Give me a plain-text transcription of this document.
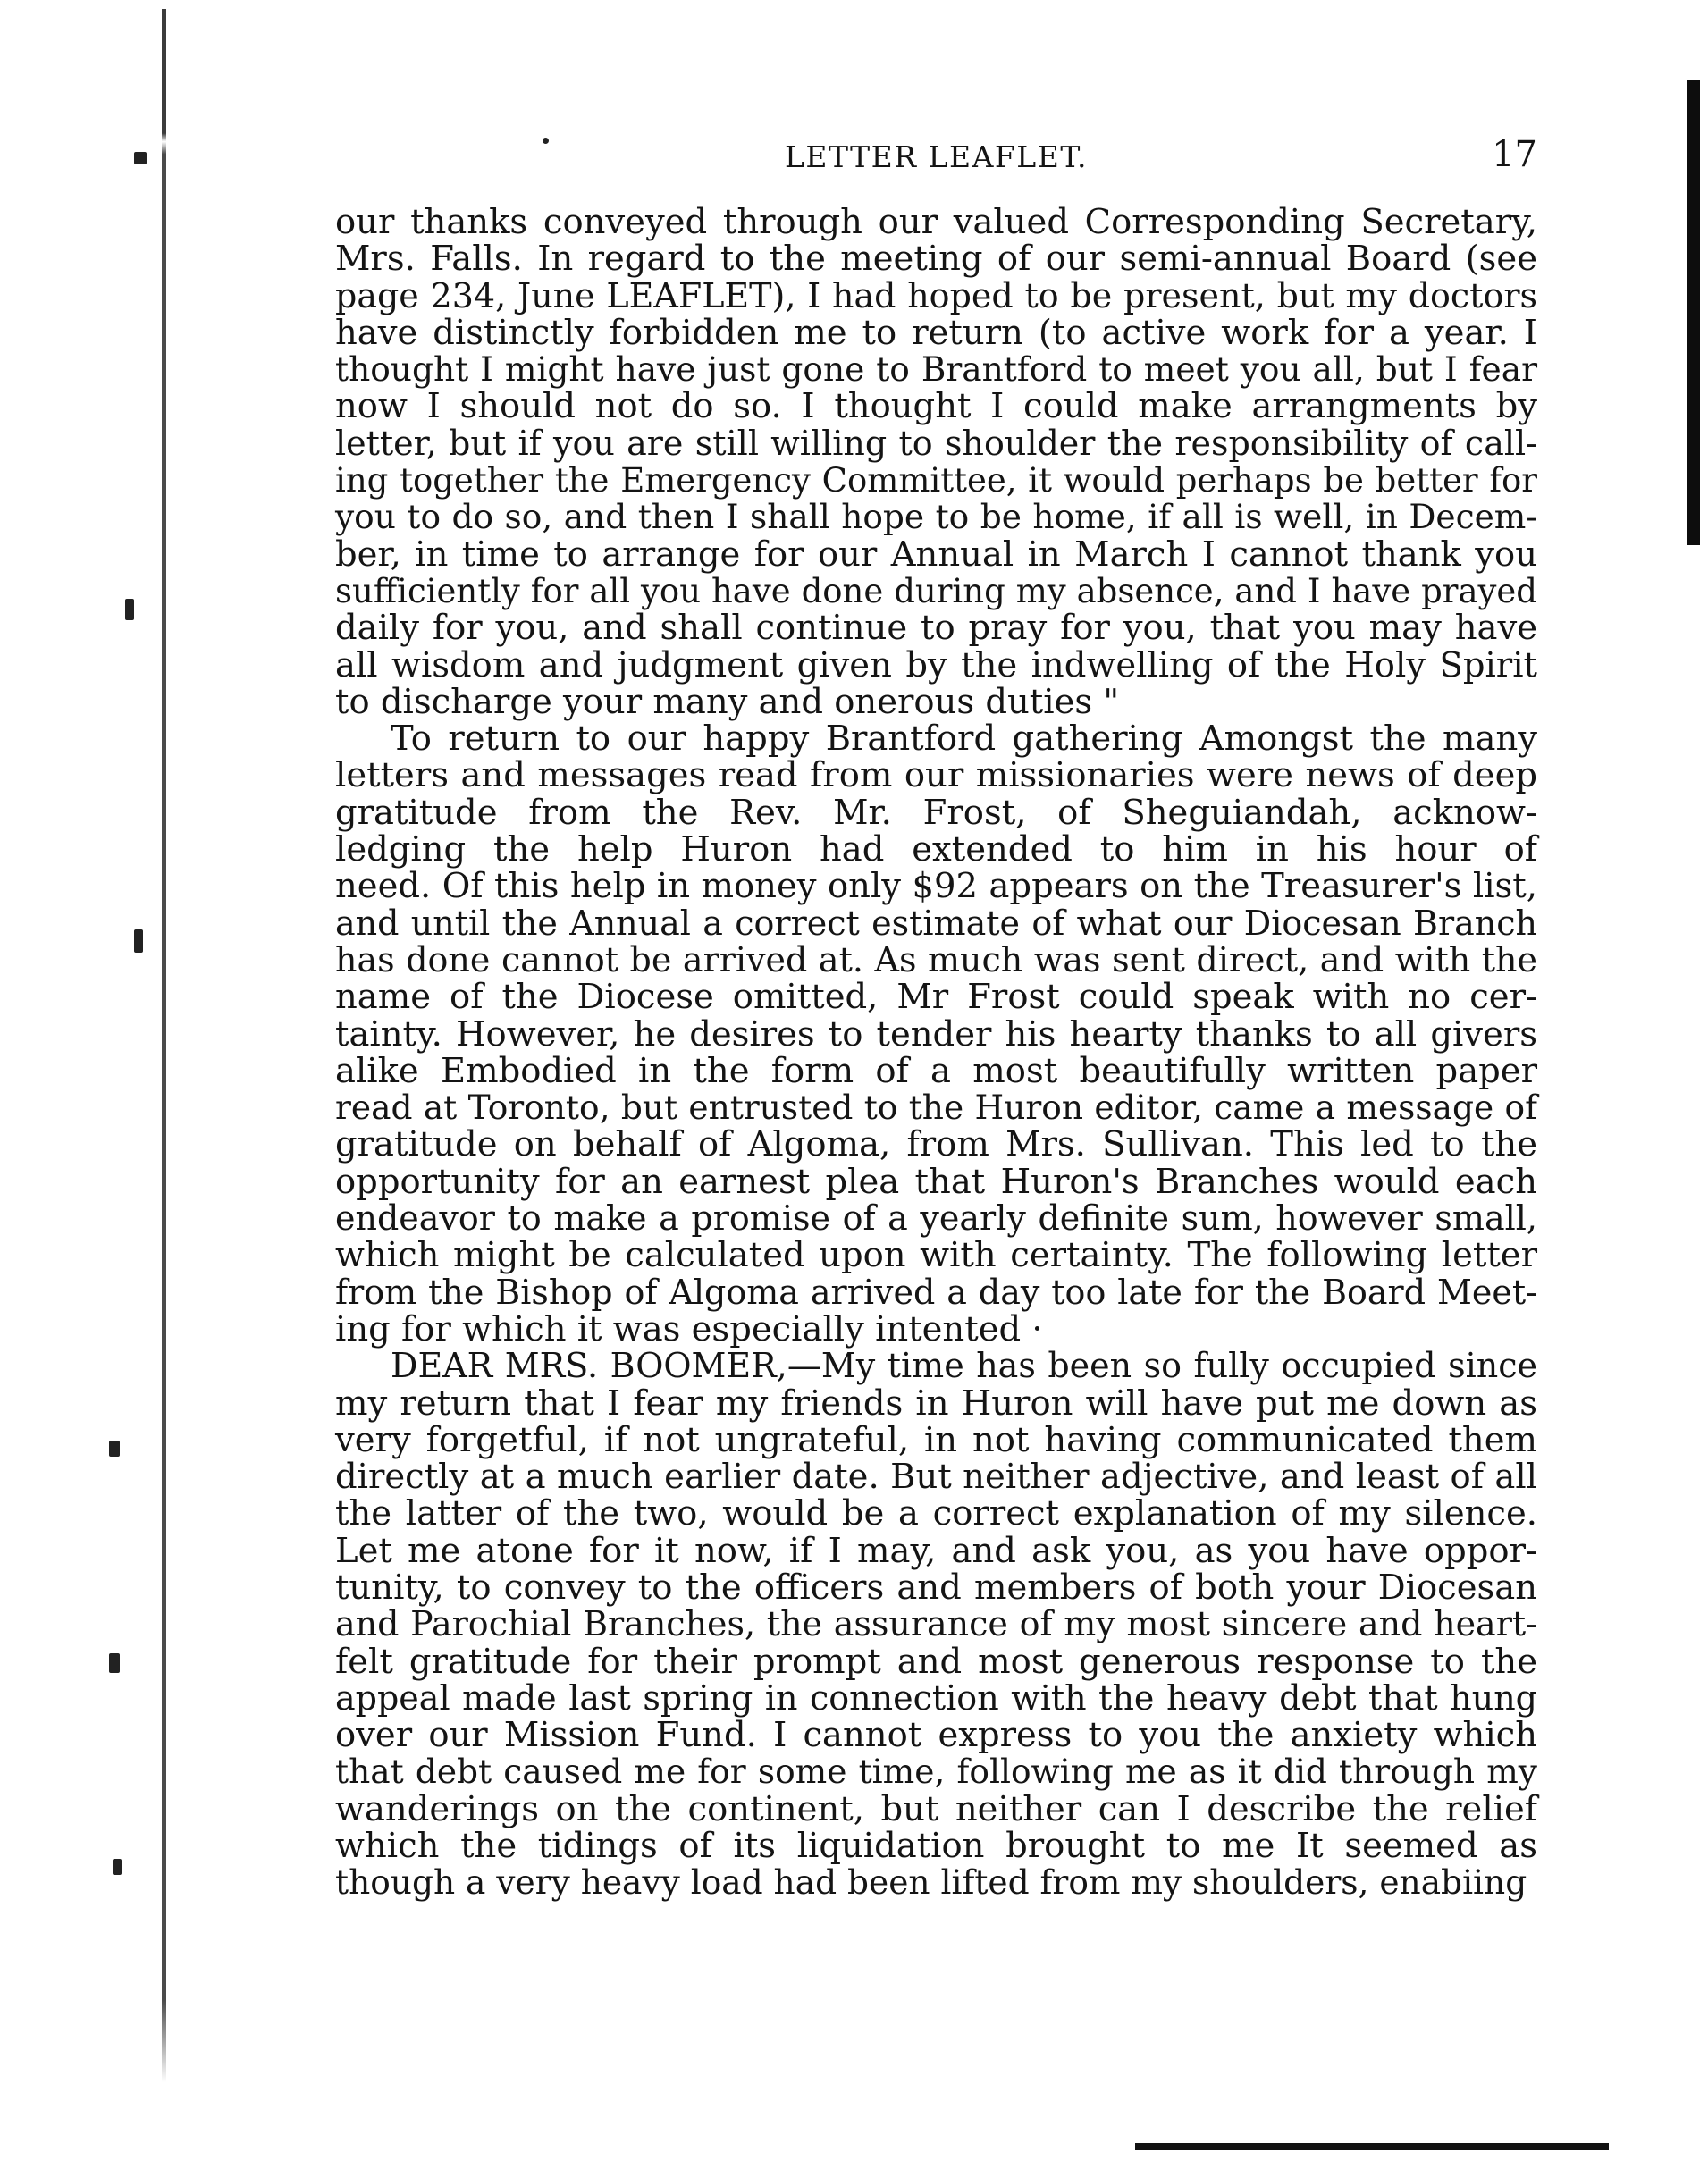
LETTER LEAFLET.	17
our thanks conveyed through our valued Corresponding Secretary,
Mrs. Falls. In regard to the meeting of our semi-annual Board (see
page 234, June LEAFLET), I had hoped to be present, but my doctors
have distinctly forbidden me to return (to active work for a year. I
thought I might have just gone to Brantford to meet you all, but I fear
now I should not do so. I thought I could make arrangments by
letter, but if you are still willing to shoulder the responsibility of call-
ing together the Emergency Committee, it would perhaps be better for
you to do so, and then I shall hope to be home, if all is well, in Decem-
ber, in time to arrange for our Annual in March I cannot thank you
sufficiently for all you have done during my absence, and I have prayed
daily for you, and shall continue to pray for you, that you may have
all wisdom and judgment given by the indwelling of the Holy Spirit
to discharge your many and onerous duties "
To return to our happy Brantford gathering Amongst the many
letters and messages read from our missionaries were news of deep
gratitude from the Rev. Mr. Frost, of Sheguiandah, acknow-
ledging the help Huron had extended to him in his hour of
need. Of this help in money only $92 appears on the Treasurer's list,
and until the Annual a correct estimate of what our Diocesan Branch
has done cannot be arrived at. As much was sent direct, and with the
name of the Diocese omitted, Mr Frost could speak with no cer-
tainty. However, he desires to tender his hearty thanks to all givers
alike Embodied in the form of a most beautifully written paper
read at Toronto, but entrusted to the Huron editor, came a message of
gratitude on behalf of Algoma, from Mrs. Sullivan. This led to the
opportunity for an earnest plea that Huron's Branches would each
endeavor to make a promise of a yearly definite sum, however small,
which might be calculated upon with certainty. The following letter
from the Bishop of Algoma arrived a day too late for the Board Meet-
ing for which it was especially intented ·
DEAR MRS. BOOMER,—My time has been so fully occupied since
my return that I fear my friends in Huron will have put me down as
very forgetful, if not ungrateful, in not having communicated them
directly at a much earlier date. But neither adjective, and least of all
the latter of the two, would be a correct explanation of my silence.
Let me atone for it now, if I may, and ask you, as you have oppor-
tunity, to convey to the officers and members of both your Diocesan
and Parochial Branches, the assurance of my most sincere and heart-
felt gratitude for their prompt and most generous response to the
appeal made last spring in connection with the heavy debt that hung
over our Mission Fund. I cannot express to you the anxiety which
that debt caused me for some time, following me as it did through my
wanderings on the continent, but neither can I describe the relief
which the tidings of its liquidation brought to me It seemed as
though a very heavy load had been lifted from my shoulders, enabiing
